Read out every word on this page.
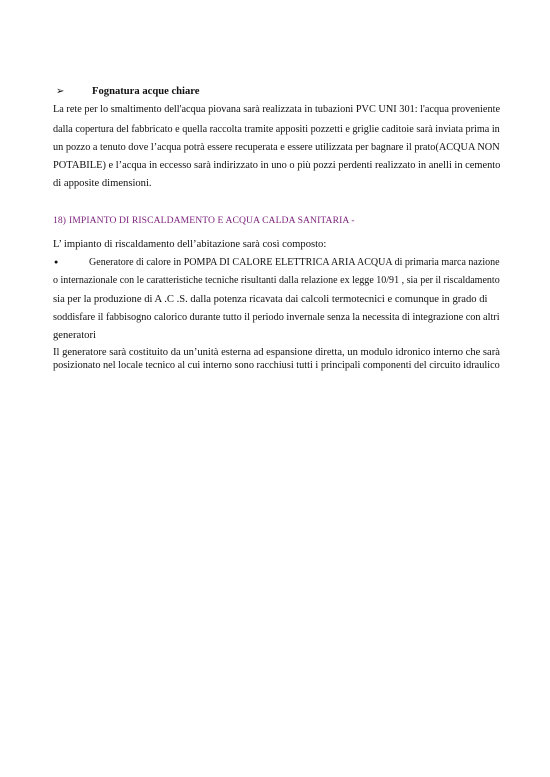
➢	Fognatura acque chiare
La rete per lo smaltimento dell'acqua piovana sarà realizzata in tubazioni PVC UNI 301: l'acqua proveniente
dalla copertura del fabbricato e quella raccolta tramite appositi pozzetti e griglie caditoie sarà inviata prima in
un pozzo a tenuto dove l’acqua potrà essere recuperata e essere utilizzata per bagnare il prato(ACQUA NON
POTABILE) e l’acqua in eccesso sarà indirizzato in uno o più pozzi perdenti realizzato in anelli in cemento
di apposite dimensioni.
18) IMPIANTO DI RISCALDAMENTO E ACQUA CALDA SANITARIA -
L’ impianto di riscaldamento dell’abitazione sarà così composto:
●	Generatore di calore in POMPA DI CALORE ELETTRICA ARIA ACQUA di primaria marca nazione
o internazionale con le caratteristiche tecniche risultanti dalla relazione ex legge 10/91 , sia per il riscaldamento
sia per la produzione di A .C .S. dalla potenza ricavata dai calcoli termotecnici e comunque in grado di
soddisfare il fabbisogno calorico durante tutto il periodo invernale senza la necessita di integrazione con altri
generatori
Il generatore sarà costituito da un’unità esterna ad espansione diretta, un modulo idronico interno che sarà
posizionato nel locale tecnico al cui interno sono racchiusi tutti i principali componenti del circuito idraulico
